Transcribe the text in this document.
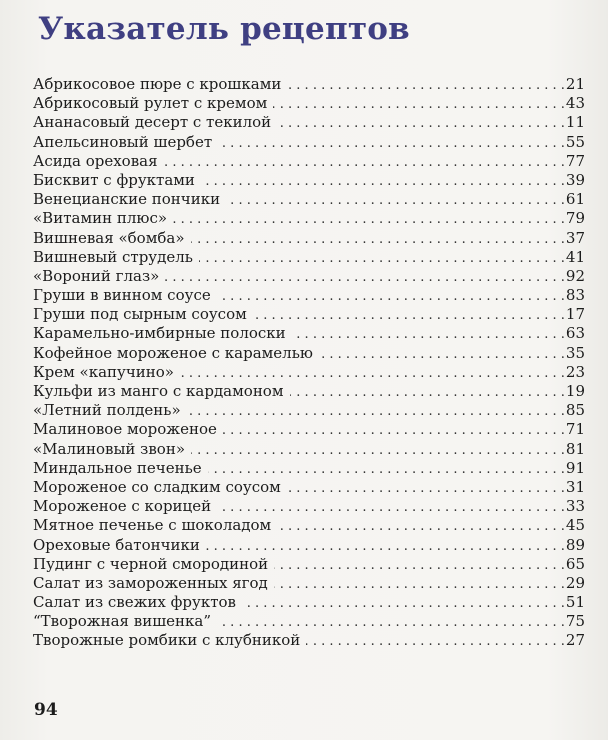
Указатель рецептов
Абрикосовое пюре с крошками . . .	21
Абрикосовый рулет с кремом . . .	43
Ананасовый десерт с текилой . . .	11
Апельсиновый шербет . . .	55
Асида ореховая . . .	77
Бисквит с фруктами . . .	39
Венецианские пончики . . .	61
«Витамин плюс» . . .	79
Вишневая «бомба» . . .	37
Вишневый струдель . . .	41
«Вороний глаз» . . .	92
Груши в винном соусе . . .	83
Груши под сырным соусом . . .	17
Карамельно-имбирные полоски . . .	63
Кофейное мороженое с карамелью . . .	35
Крем «капучино» . . .	23
Кульфи из манго с кардамоном . . .	19
«Летний полдень» . . .	85
Малиновое мороженое . . .	71
«Малиновый звон» . . .	81
Миндальное печенье . . .	91
Мороженое со сладким соусом . . .	31
Мороженое с корицей . . .	33
Мятное печенье с шоколадом . . .	45
Ореховые батончики . . .	89
Пудинг с черной смородиной . . .	65
Салат из замороженных ягод . . .	29
Салат из свежих фруктов . . .	51
“Творожная вишенка” . . .	75
Творожные ромбики с клубникой . . .	27
94
